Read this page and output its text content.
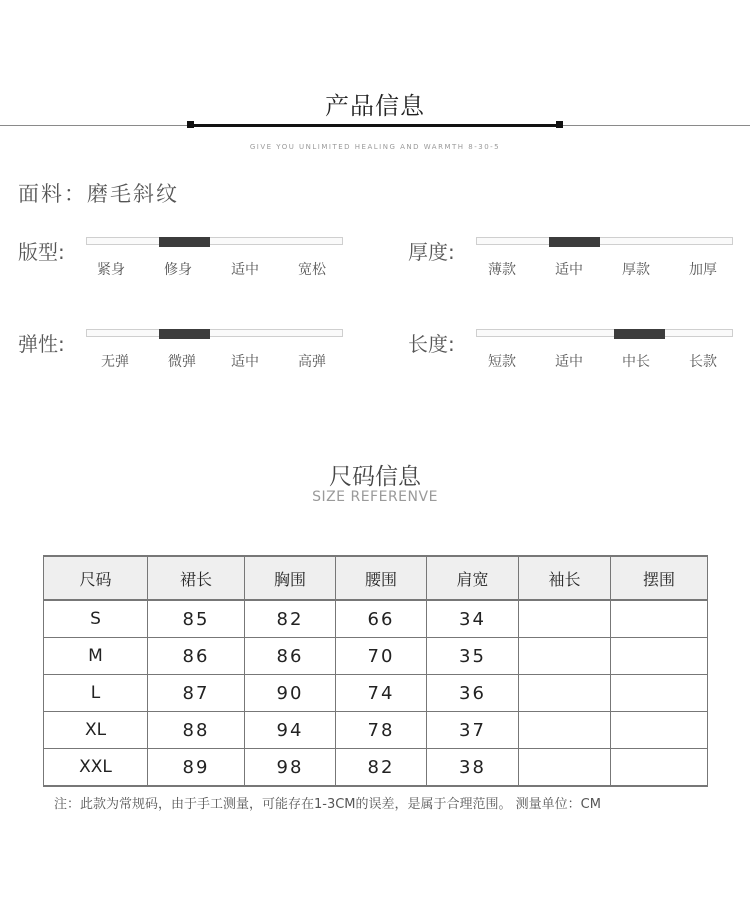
产品信息
GIVE YOU UNLIMITED HEALING AND WARMTH 8-30-5
面料：磨毛斜纹
版型:
紧身	修身	适中	宽松
厚度:
薄款	适中	厚款	加厚
弹性:
无弹	微弹	适中	高弹
长度:
短款	适中	中长	长款
尺码信息
SIZE REFERENVE
尺码	裙长	胸围	腰围	肩宽	袖长	摆围
S	85	82	66	34		
M	86	86	70	35		
L	87	90	74	36		
XL	88	94	78	37		
XXL	89	98	82	38		
注：此款为常规码，由于手工测量，可能存在1-3CM的误差，是属于合理范围。 测量单位：CM
